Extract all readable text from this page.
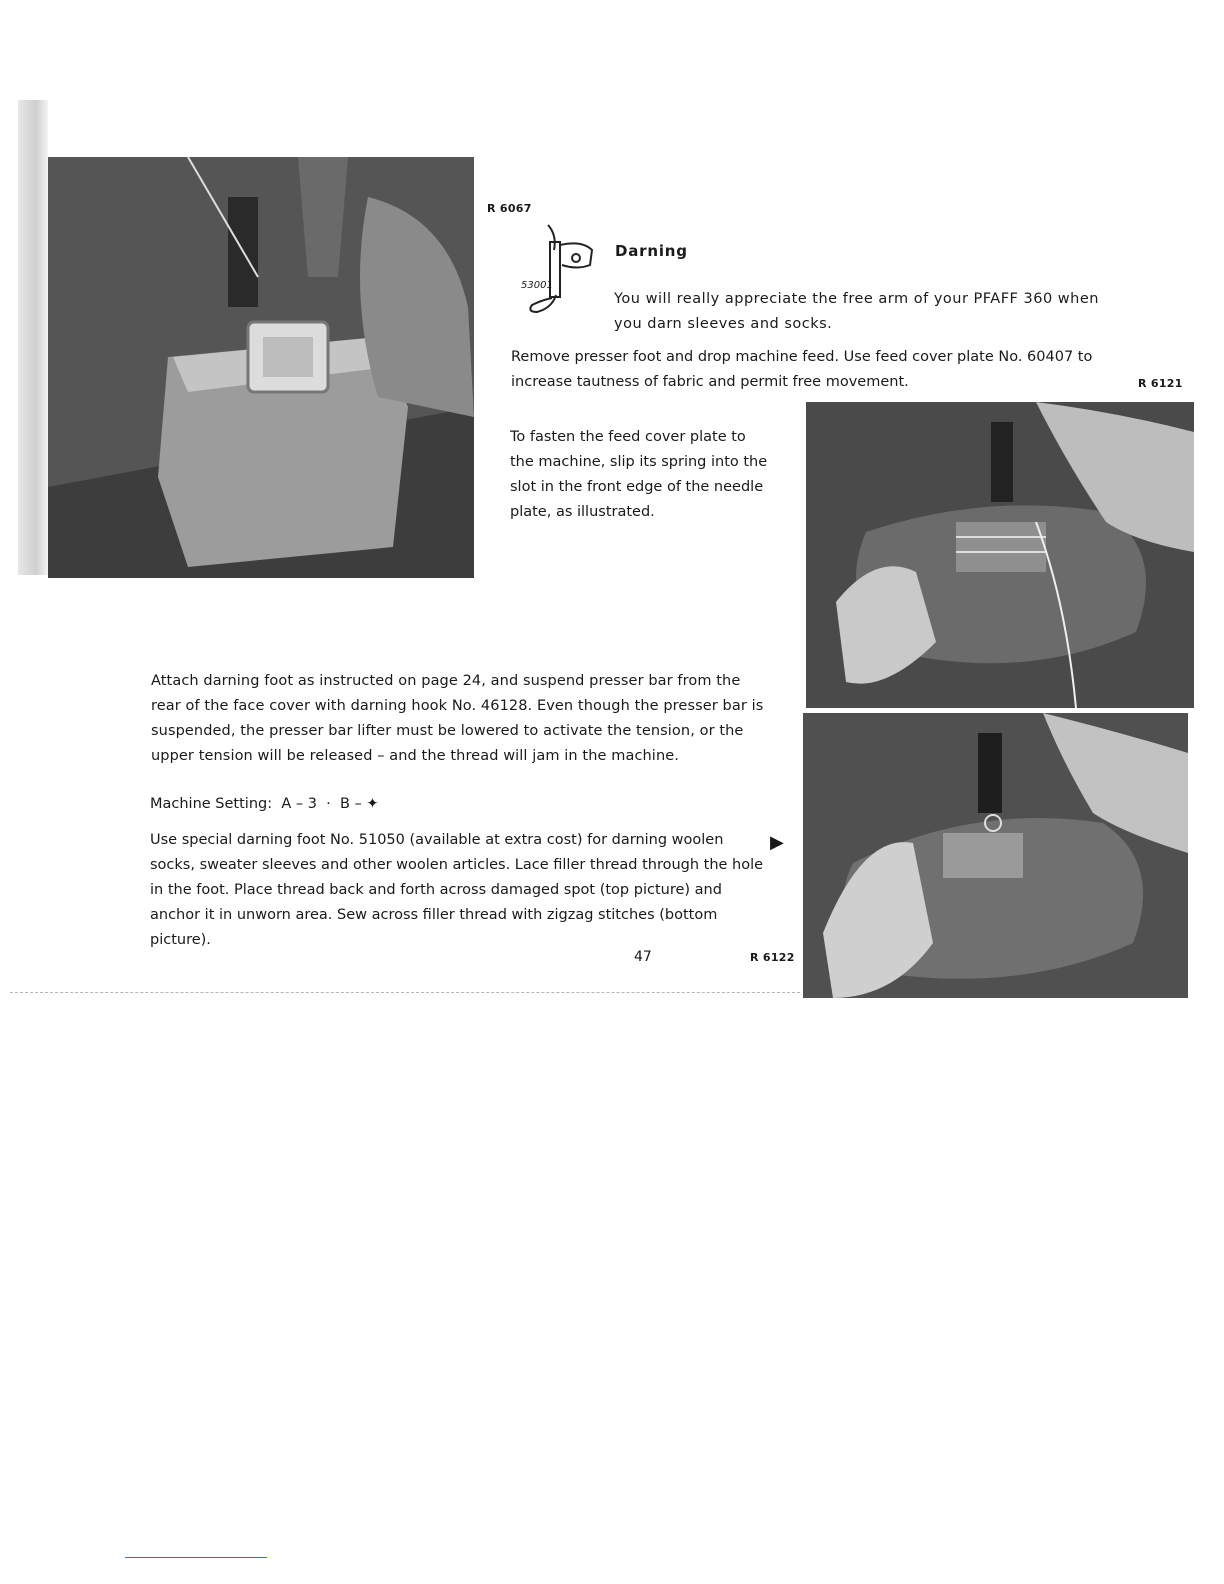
R 6067
53001
Darning
You will really appreciate the free arm of your PFAFF 360 when you darn sleeves and socks.
Remove presser foot and drop machine feed. Use feed cover plate No. 60407 to increase tautness of fabric and permit free movement.	R 6121
To fasten the feed cover plate to the machine, slip its spring into the slot in the front edge of the needle plate, as illustrated.
Attach darning foot as instructed on page 24, and suspend presser bar from the rear of the face cover with darning hook No. 46128. Even though the presser bar is suspended, the presser bar lifter must be lowered to activate the tension, or the upper tension will be released – and the thread will jam in the machine.
Machine Setting:  A – 3  ·  B – ✦
Use special darning foot No. 51050 (available at extra cost) for darning woolen socks, sweater sleeves and other woolen articles. Lace filler thread through the hole in the foot. Place thread back and forth across damaged spot (top picture) and anchor it in unworn area. Sew across filler thread with zigzag stitches (bottom picture).
▶
47	R 6122
